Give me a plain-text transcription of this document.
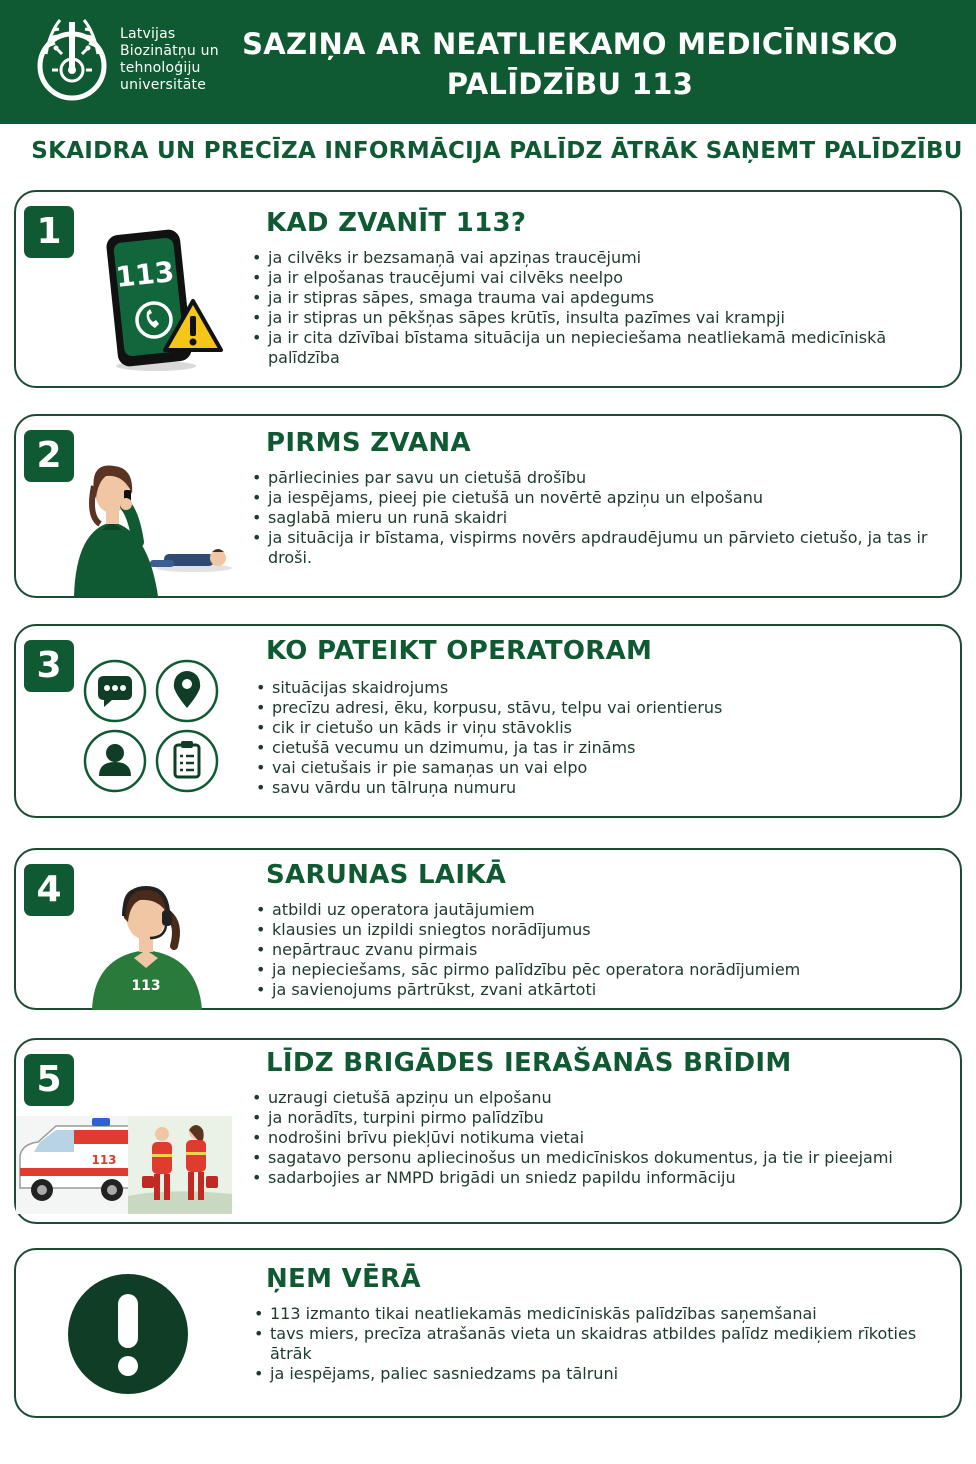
Latvijas
Biozinātņu un
tehnoloģiju
universitāte
SAZIŅA AR NEATLIEKAMO MEDICĪNISKO
PALĪDZĪBU 113
SKAIDRA UN PRECĪZA INFORMĀCIJA PALĪDZ ĀTRĀK SAŅEMT PALĪDZĪBU
1
113
KAD ZVANĪT 113?
• ja cilvēks ir bezsamaņā vai apziņas traucējumi
• ja ir elpošanas traucējumi vai cilvēks neelpo
• ja ir stipras sāpes, smaga trauma vai apdegums
• ja ir stipras un pēkšņas sāpes krūtīs, insulta pazīmes vai krampji
• ja ir cita dzīvībai bīstama situācija un nepieciešama neatliekamā medicīniskā palīdzība
2	PIRMS ZVANA
• pārliecinies par savu un cietušā drošību
• ja iespējams, pieej pie cietušā un novērtē apziņu un elpošanu
• saglabā mieru un runā skaidri
• ja situācija ir bīstama, vispirms novērs apdraudējumu un pārvieto cietušo, ja tas ir droši.
3	KO PATEIKT OPERATORAM
• situācijas skaidrojums
• precīzu adresi, ēku, korpusu, stāvu, telpu vai orientierus
• cik ir cietušo un kāds ir viņu stāvoklis
• cietušā vecumu un dzimumu, ja tas ir zināms
• vai cietušais ir pie samaņas un vai elpo
• savu vārdu un tālruņa numuru
4
113
SARUNAS LAIKĀ
• atbildi uz operatora jautājumiem
• klausies un izpildi sniegtos norādījumus
• nepārtrauc zvanu pirmais
• ja nepieciešams, sāc pirmo palīdzību pēc operatora norādījumiem
• ja savienojums pārtrūkst, zvani atkārtoti
5
113
LĪDZ BRIGĀDES IERAŠANĀS BRĪDIM
• uzraugi cietušā apziņu un elpošanu
• ja norādīts, turpini pirmo palīdzību
• nodrošini brīvu piekļūvi notikuma vietai
• sagatavo personu apliecinošus un medicīniskos dokumentus, ja tie ir pieejami
• sadarbojies ar NMPD brigādi un sniedz papildu informāciju
ŅEM VĒRĀ
• 113 izmanto tikai neatliekamās medicīniskās palīdzības saņemšanai
• tavs miers, precīza atrašanās vieta un skaidras atbildes palīdz mediķiem rīkoties ātrāk
• ja iespējams, paliec sasniedzams pa tālruni
